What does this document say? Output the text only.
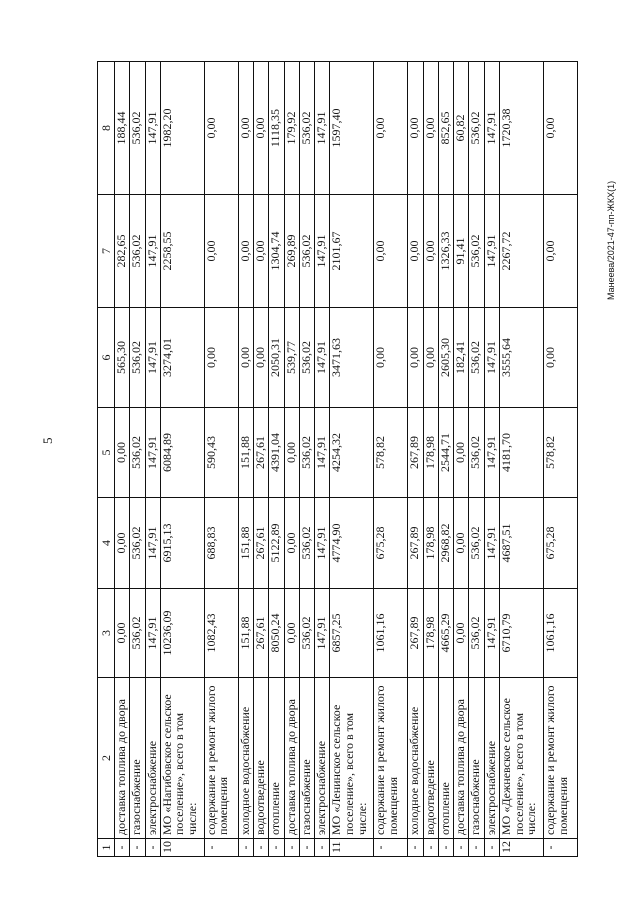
5
Манеева/2021-47-пп-ЖКХ(1)
1	2	3	4	5	6	7	8
-	доставка топлива до двора	0,00	0,00	0,00	565,30	282,65	188,44
-	газоснабжение	536,02	536,02	536,02	536,02	536,02	536,02
-	электроснабжение	147,91	147,91	147,91	147,91	147,91	147,91
10	МО «Нагибовское сельское поселение», всего в том числе:	10236,09	6915,13	6084,89	3274,01	2258,55	1982,20
-	содержание и ремонт жилого помещения	1082,43	688,83	590,43	0,00	0,00	0,00
-	холодное водоснабжение	151,88	151,88	151,88	0,00	0,00	0,00
-	водоотведение	267,61	267,61	267,61	0,00	0,00	0,00
-	отопление	8050,24	5122,89	4391,04	2050,31	1304,74	1118,35
-	доставка топлива до двора	0,00	0,00	0,00	539,77	269,89	179,92
-	газоснабжение	536,02	536,02	536,02	536,02	536,02	536,02
-	электроснабжение	147,91	147,91	147,91	147,91	147,91	147,91
11	МО «Ленинское сельское поселение», всего в том числе:	6857,25	4774,90	4254,32	3471,63	2101,67	1597,40
-	содержание и ремонт жилого помещения	1061,16	675,28	578,82	0,00	0,00	0,00
-	холодное водоснабжение	267,89	267,89	267,89	0,00	0,00	0,00
-	водоотведение	178,98	178,98	178,98	0,00	0,00	0,00
-	отопление	4665,29	2968,82	2544,71	2605,30	1326,33	852,65
-	доставка топлива до двора	0,00	0,00	0,00	182,41	91,41	60,82
-	газоснабжение	536,02	536,02	536,02	536,02	536,02	536,02
-	электроснабжение	147,91	147,91	147,91	147,91	147,91	147,91
12	МО «Дежневское сельское поселение», всего в том числе:	6710,79	4687,51	4181,70	3555,64	2267,72	1720,38
-	содержание и ремонт жилого помещения	1061,16	675,28	578,82	0,00	0,00	0,00
